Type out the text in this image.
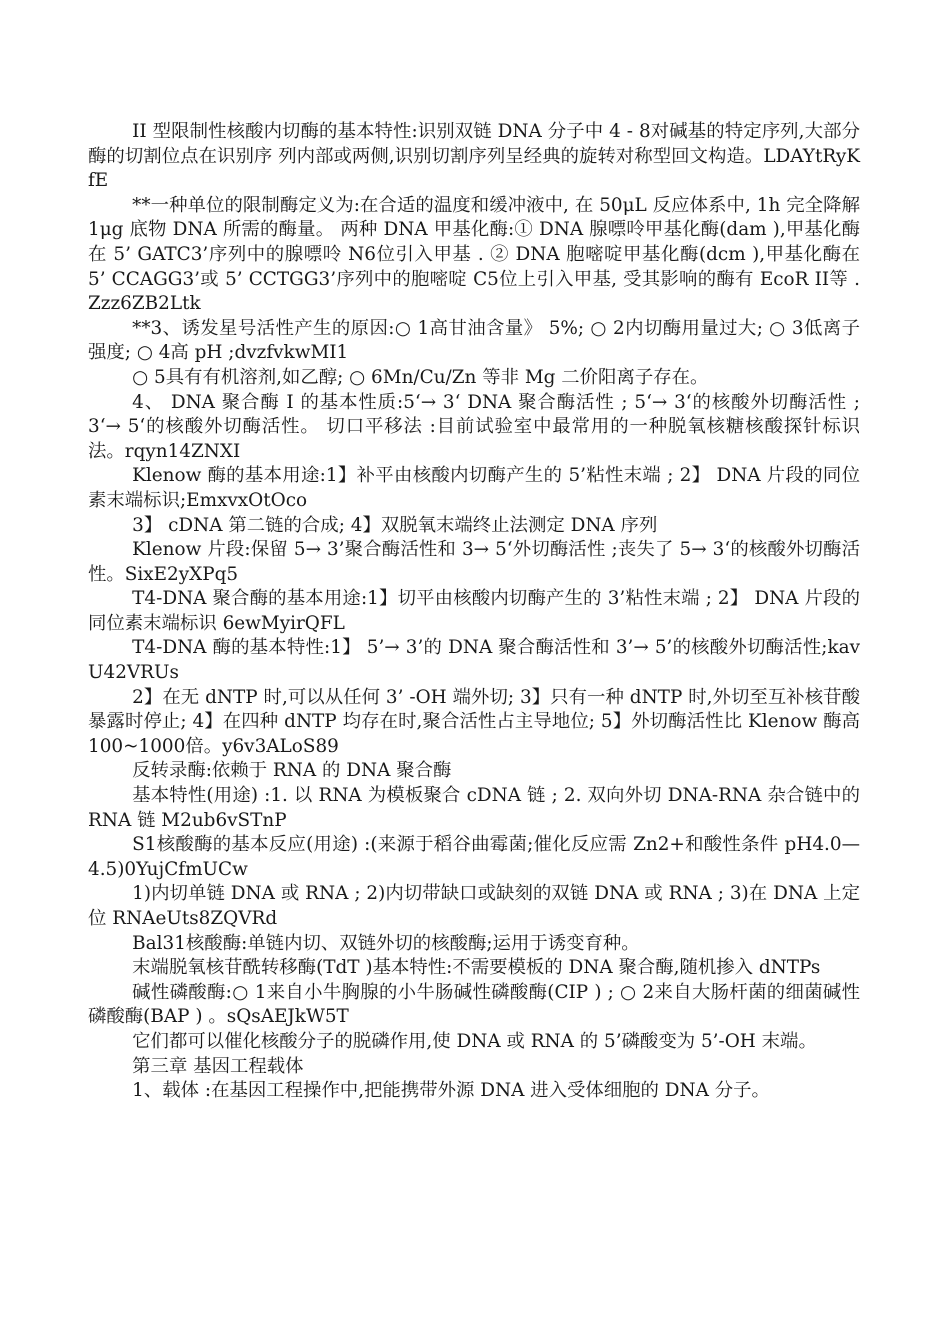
II 型限制性核酸内切酶的基本特性:识别双链 DNA 分子中 4 - 8对碱基的特定序列,大部分酶的切割位点在识别序 列内部或两侧,识别切割序列呈经典的旋转对称型回文构造。LDAYtRyKfE

**一种单位的限制酶定义为:在合适的温度和缓冲液中, 在 50μL 反应体系中, 1h 完全降解 1μg 底物 DNA 所需的酶量。 两种 DNA 甲基化酶:① DNA 腺嘌呤甲基化酶(dam ),甲基化酶在 5’ GATC3’序列中的腺嘌呤 N6位引入甲基 . ② DNA 胞嘧啶甲基化酶(dcm ),甲基化酶在 5’ CCAGG3’或 5’ CCTGG3’序列中的胞嘧啶 C5位上引入甲基, 受其影响的酶有 EcoR II等 . Zzz6ZB2Ltk

**3、诱发星号活性产生的原因:○ 1高甘油含量》 5%; ○ 2内切酶用量过大; ○ 3低离子强度; ○ 4高 pH ;dvzfvkwMI1

○ 5具有有机溶剂,如乙醇; ○ 6Mn/Cu/Zn 等非 Mg 二价阳离子存在。

4、 DNA 聚合酶 I 的基本性质:5‘→ 3‘ DNA 聚合酶活性 ; 5‘→ 3‘的核酸外切酶活性 ; 3‘→ 5‘的核酸外切酶活性。 切口平移法 :目前试验室中最常用的一种脱氧核糖核酸探针标识法。rqyn14ZNXI

Klenow 酶的基本用途:1】补平由核酸内切酶产生的 5’粘性末端 ; 2】 DNA 片段的同位素末端标识;EmxvxOtOco

3】 cDNA 第二链的合成; 4】双脱氧末端终止法测定 DNA 序列

Klenow 片段:保留 5→ 3’聚合酶活性和 3→ 5‘外切酶活性 ;丧失了 5→ 3‘的核酸外切酶活性。SixE2yXPq5

T4-DNA 聚合酶的基本用途:1】切平由核酸内切酶产生的 3’粘性末端 ; 2】 DNA 片段的同位素末端标识 6ewMyirQFL

T4-DNA 酶的基本特性:1】 5’→ 3’的 DNA 聚合酶活性和 3’→ 5’的核酸外切酶活性;kavU42VRUs

2】在无 dNTP 时,可以从任何 3’ -OH 端外切; 3】只有一种 dNTP 时,外切至互补核苷酸暴露时停止; 4】在四种 dNTP 均存在时,聚合活性占主导地位; 5】外切酶活性比 Klenow 酶高 100~1000倍。y6v3ALoS89

反转录酶:依赖于 RNA 的 DNA 聚合酶

基本特性(用途) :1. 以 RNA 为模板聚合 cDNA 链 ; 2. 双向外切 DNA-RNA 杂合链中的 RNA 链 M2ub6vSTnP

S1核酸酶的基本反应(用途) :(来源于稻谷曲霉菌;催化反应需 Zn2+和酸性条件 pH4.0— 4.5)0YujCfmUCw

1)内切单链 DNA 或 RNA ; 2)内切带缺口或缺刻的双链 DNA 或 RNA ; 3)在 DNA 上定位 RNAeUts8ZQVRd

Bal31核酸酶:单链内切、双链外切的核酸酶;运用于诱变育种。

末端脱氧核苷酰转移酶(TdT )基本特性:不需要模板的 DNA 聚合酶,随机掺入 dNTPs

碱性磷酸酶:○ 1来自小牛胸腺的小牛肠碱性磷酸酶(CIP ) ; ○ 2来自大肠杆菌的细菌碱性磷酸酶(BAP ) 。sQsAEJkW5T

它们都可以催化核酸分子的脱磷作用,使 DNA 或 RNA 的 5’磷酸变为 5’-OH 末端。

第三章 基因工程载体

1、载体 :在基因工程操作中,把能携带外源 DNA 进入受体细胞的 DNA 分子。
